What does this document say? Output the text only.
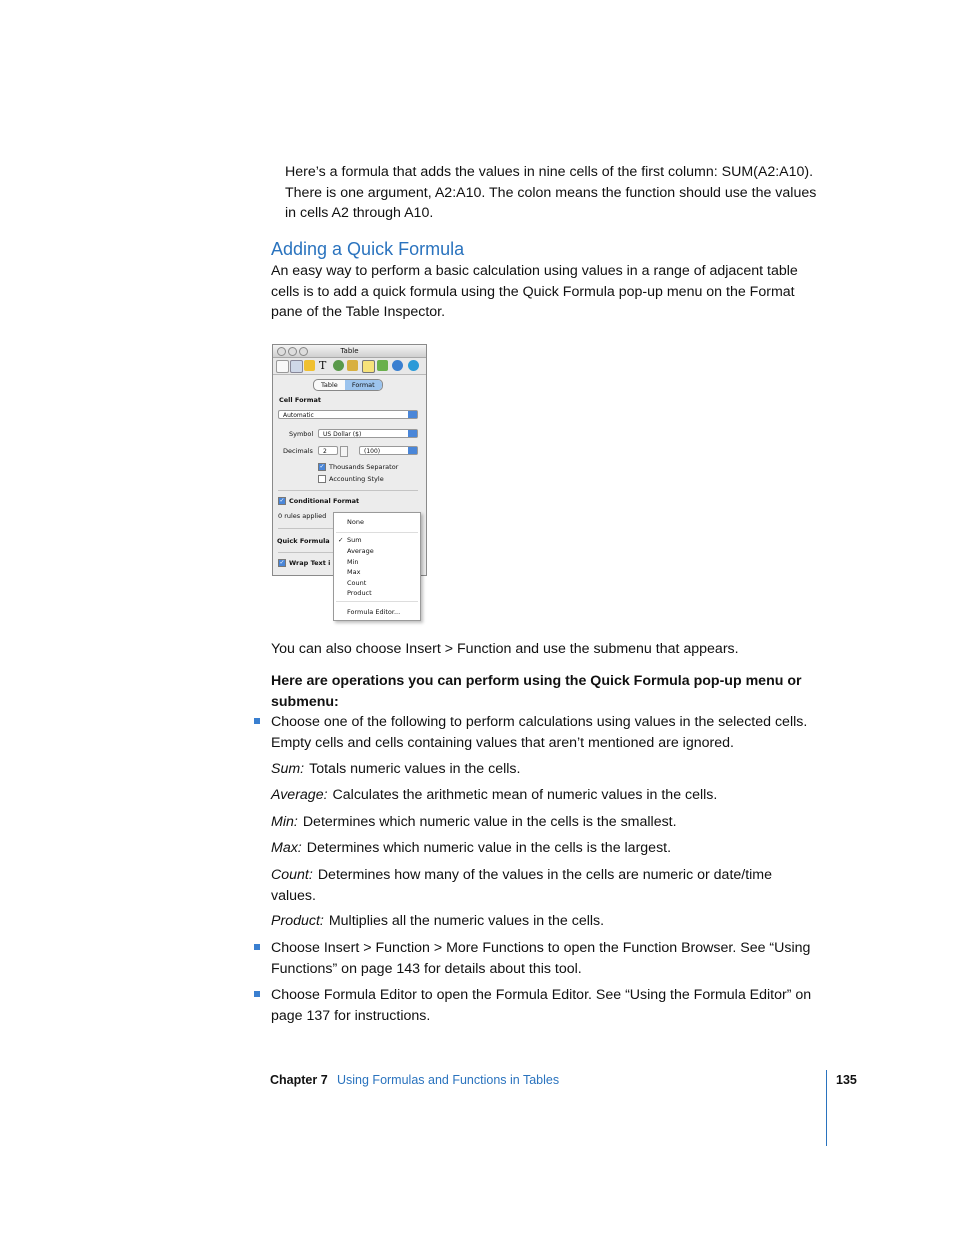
Here’s a formula that adds the values in nine cells of the first column: SUM(A2:A10).
There is one argument, A2:A10. The colon means the function should use the values
in cells A2 through A10.
Adding a Quick Formula
An easy way to perform a basic calculation using values in a range of adjacent table
cells is to add a quick formula using the Quick Formula pop-up menu on the Format
pane of the Table Inspector.
Table
T
Table	Format
Cell Format
Automatic
Symbol	US Dollar ($)
Decimals	2	(100)
✓ Thousands Separator
Accounting Style
✓ Conditional Format
0 rules applied
Quick Formula
✓ Wrap Text i
None
✓ Sum
Average
Min
Max
Count
Product
Formula Editor...

You can also choose Insert > Function and use the submenu that appears.

Here are operations you can perform using the Quick Formula pop-up menu or
submenu:
Choose one of the following to perform calculations using values in the selected cells.
Empty cells and cells containing values that aren’t mentioned are ignored.
Sum: Totals numeric values in the cells.
Average: Calculates the arithmetic mean of numeric values in the cells.
Min: Determines which numeric value in the cells is the smallest.
Max: Determines which numeric value in the cells is the largest.
Count: Determines how many of the values in the cells are numeric or date/time
values.
Product: Multiplies all the numeric values in the cells.
Choose Insert > Function > More Functions to open the Function Browser. See “Using
Functions” on page 143 for details about this tool.
Choose Formula Editor to open the Formula Editor. See “Using the Formula Editor” on
page 137 for instructions.
Chapter 7 Using Formulas and Functions in Tables	135
